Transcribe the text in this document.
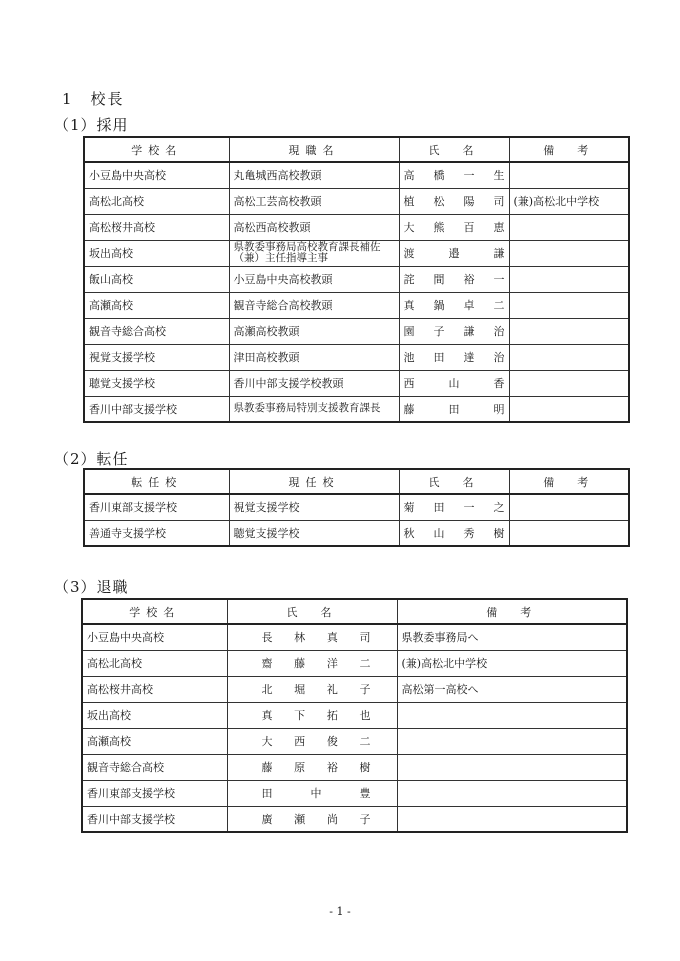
1　校長
（1）採用
学校名	現職名	氏　名	備　考
小豆島中央高校	丸亀城西高校教頭	高橋一生	
高松北高校	高松工芸高校教頭	植松陽司	(兼)高松北中学校
高松桜井高校	高松西高校教頭	大熊百恵	
坂出高校	県教委事務局高校教育課長補佐（兼）主任指導主事	渡邉謙	
飯山高校	小豆島中央高校教頭	詫間裕一	
高瀬高校	観音寺総合高校教頭	真鍋卓二	
観音寺総合高校	高瀬高校教頭	園子謙治	
視覚支援学校	津田高校教頭	池田達治	
聴覚支援学校	香川中部支援学校教頭	西山香	
香川中部支援学校	県教委事務局特別支援教育課長	藤田明	
（2）転任
転任校	現任校	氏　名	備　考
香川東部支援学校	視覚支援学校	菊田一之	
善通寺支援学校	聴覚支援学校	秋山秀樹	
（3）退職
学校名	氏　名	備　考
小豆島中央高校	長林真司	県教委事務局へ
高松北高校	齋藤洋二	(兼)高松北中学校
高松桜井高校	北堀礼子	高松第一高校へ
坂出高校	真下拓也	
高瀬高校	大西俊二	
観音寺総合高校	藤原裕樹	
香川東部支援学校	田中豊	
香川中部支援学校	廣瀬尚子	
- 1 -
